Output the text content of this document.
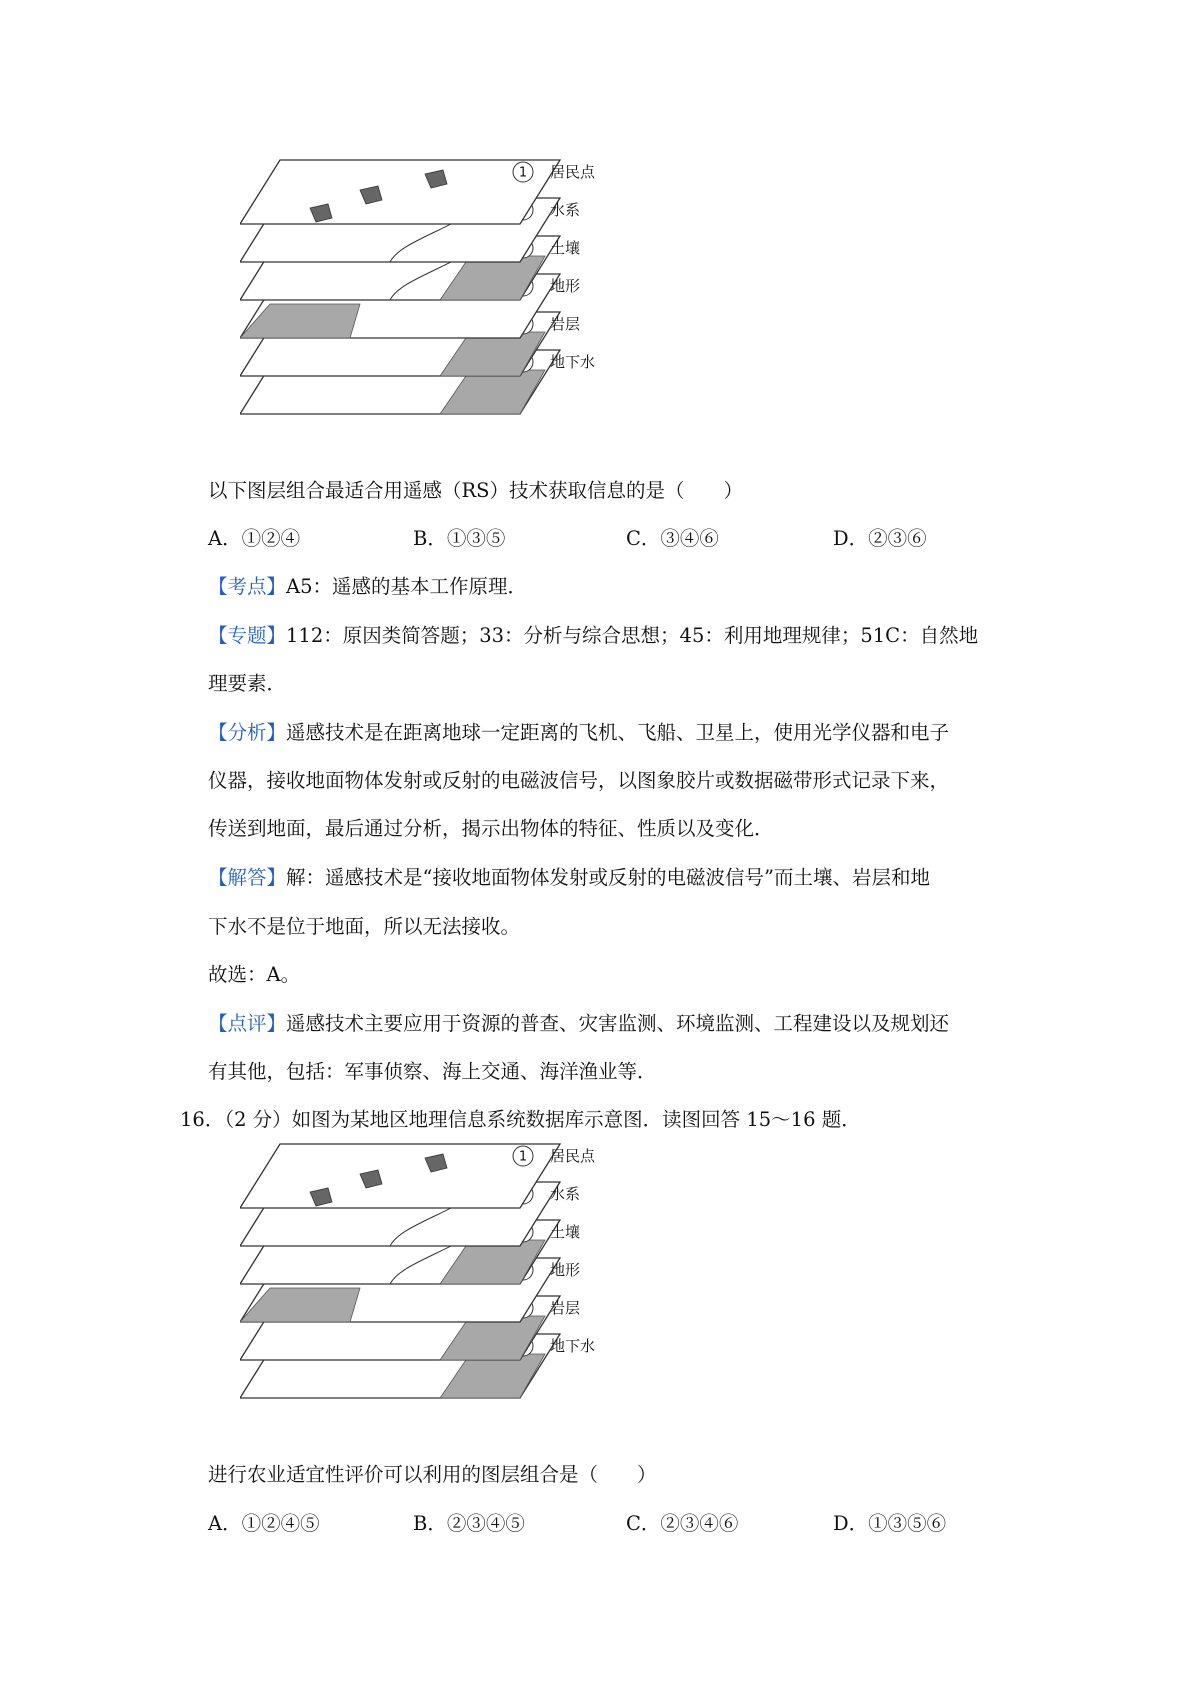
地下水
岩层
地形
土壤
水系
1 居民点
以下图层组合最适合用遥感（RS）技术获取信息的是（　　）
A．①②④	B．①③⑤	C．③④⑥	D．②③⑥
【考点】A5：遥感的基本工作原理．
【专题】112：原因类简答题；33：分析与综合思想；45：利用地理规律；51C：自然地
理要素．
【分析】遥感技术是在距离地球一定距离的飞机、飞船、卫星上，使用光学仪器和电子
仪器，接收地面物体发射或反射的电磁波信号，以图象胶片或数据磁带形式记录下来，
传送到地面，最后通过分析，揭示出物体的特征、性质以及变化．
【解答】解：遥感技术是“接收地面物体发射或反射的电磁波信号”而土壤、岩层和地
下水不是位于地面，所以无法接收。
故选：A。
【点评】遥感技术主要应用于资源的普查、灾害监测、环境监测、工程建设以及规划还
有其他，包括：军事侦察、海上交通、海洋渔业等．
16．（2 分）如图为某地区地理信息系统数据库示意图．读图回答 15～16 题．
地下水
岩层
地形
土壤
水系
1 居民点
进行农业适宜性评价可以利用的图层组合是（　　）
A．①②④⑤	B．②③④⑤	C．②③④⑥	D．①③⑤⑥
